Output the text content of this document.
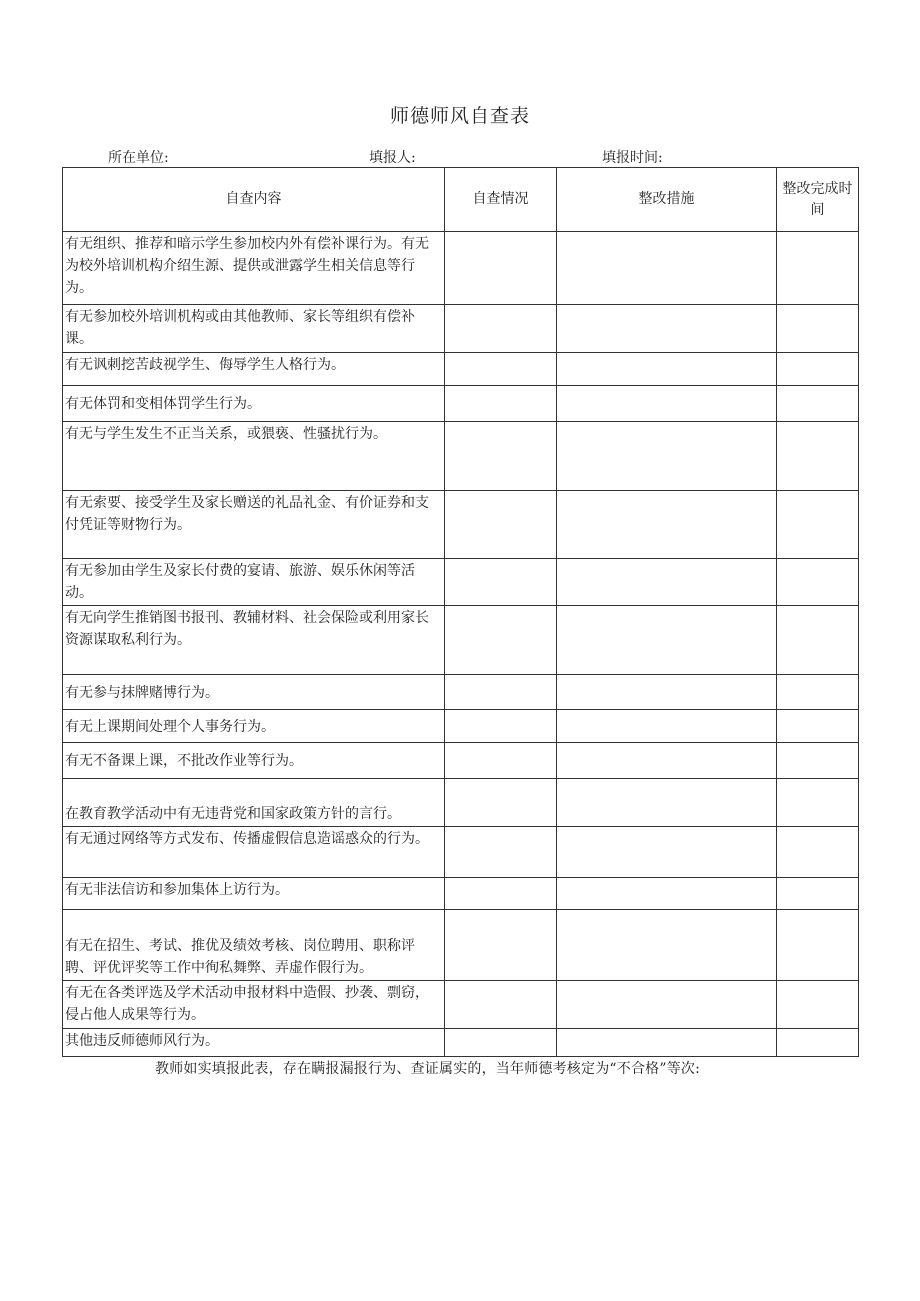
师德师风自查表
所在单位:	填报人:	填报时间:
自查内容	自查情况	整改措施	整改完成时间
有无组织、推荐和暗示学生参加校内外有偿补课行为。有无为校外培训机构介绍生源、提供或泄露学生相关信息等行为。			
有无参加校外培训机构或由其他教师、家长等组织有偿补课。			
有无讽刺挖苦歧视学生、侮辱学生人格行为。			
有无体罚和变相体罚学生行为。			
有无与学生发生不正当关系，或猥亵、性骚扰行为。			
有无索要、接受学生及家长赠送的礼品礼金、有价证券和支付凭证等财物行为。			
有无参加由学生及家长付费的宴请、旅游、娱乐休闲等活动。			
有无向学生推销图书报刊、教辅材料、社会保险或利用家长资源谋取私利行为。			
有无参与抹牌赌博行为。			
有无上课期间处理个人事务行为。			
有无不备课上课，不批改作业等行为。			
在教育教学活动中有无违背党和国家政策方针的言行。			
有无通过网络等方式发布、传播虚假信息造谣惑众的行为。			
有无非法信访和参加集体上访行为。			
有无在招生、考试、推优及绩效考核、岗位聘用、职称评聘、评优评奖等工作中徇私舞弊、弄虚作假行为。			
有无在各类评选及学术活动申报材料中造假、抄袭、剽窃，侵占他人成果等行为。			
其他违反师德师风行为。			
教师如实填报此表，存在瞒报漏报行为、查证属实的，当年师德考核定为“不合格”等次:
